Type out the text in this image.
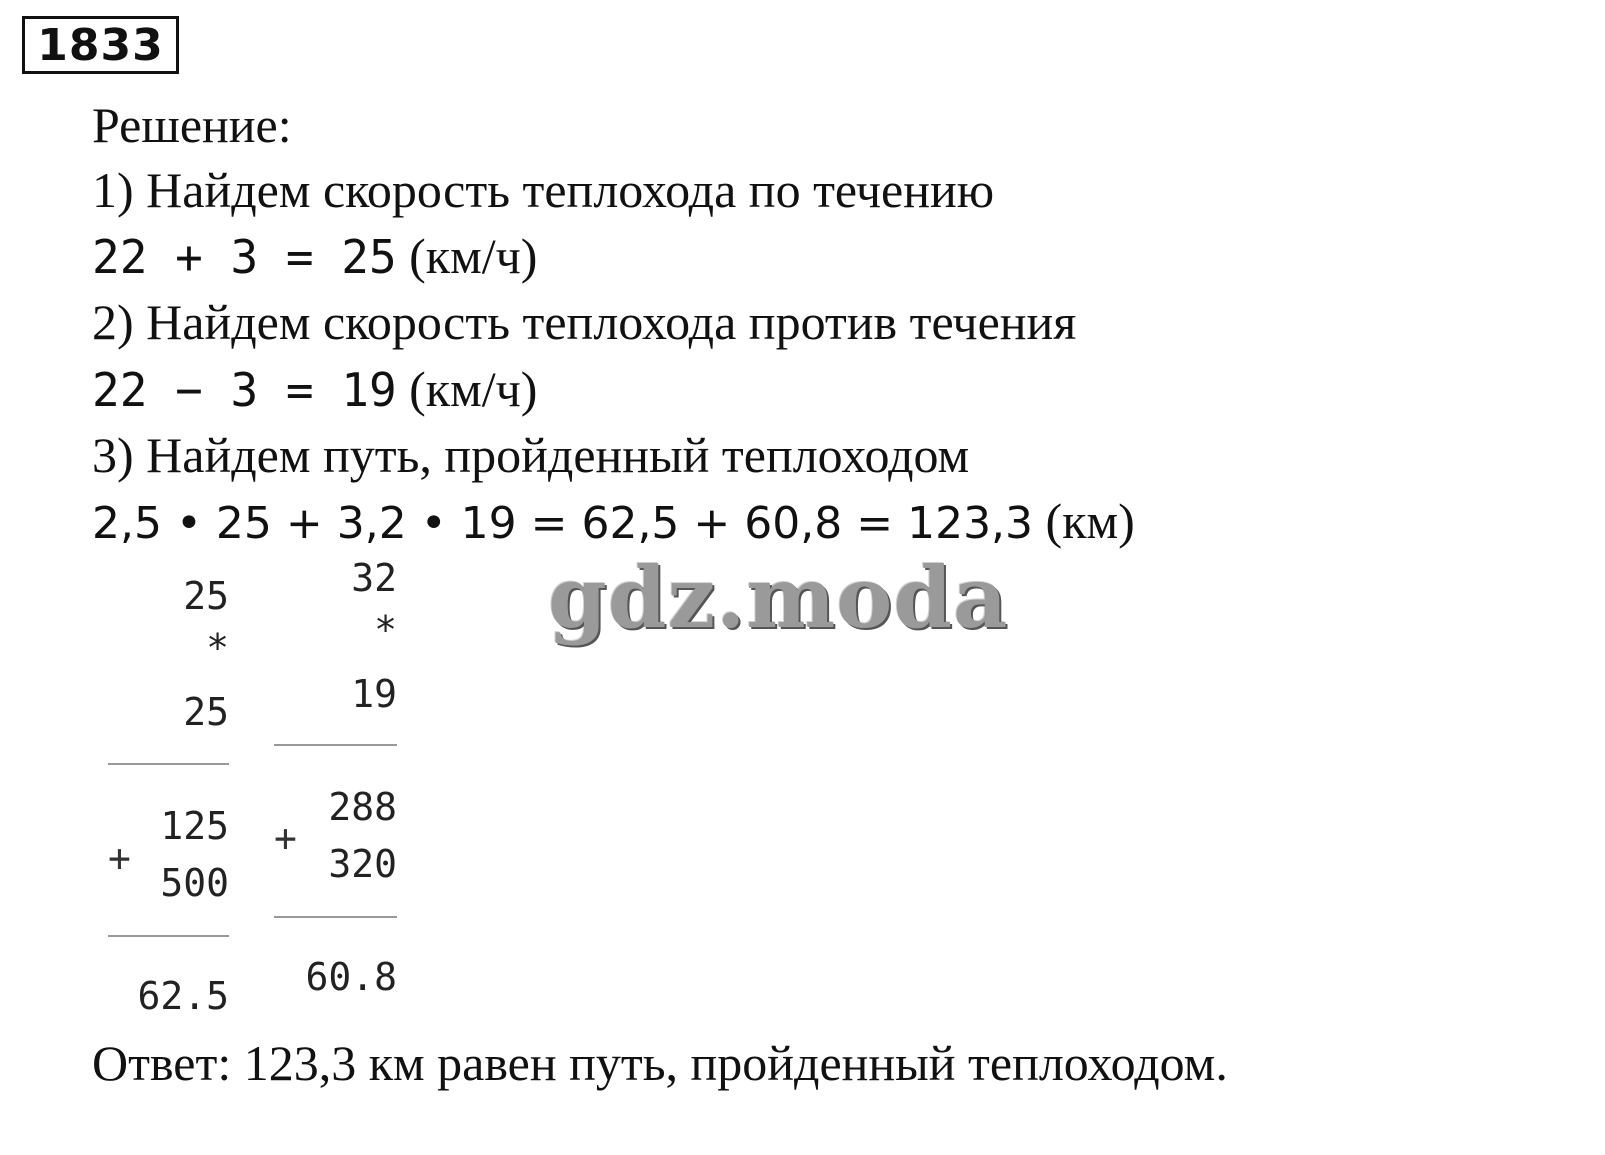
1833
Решение:
1) Найдем скорость теплохода по течению
22 + 3 = 25 (км/ч)
2) Найдем скорость теплохода против течения
22 − 3 = 19 (км/ч)
3) Найдем путь, пройденный теплоходом
2,5 • 25 + 3,2 • 19 = 62,5 + 60,8 = 123,3 (км)
gdz.moda
25
*
25
125
+
500
62.5
32
*
19
288
+
320
60.8
Ответ: 123,3 км равен путь, пройденный теплоходом.
